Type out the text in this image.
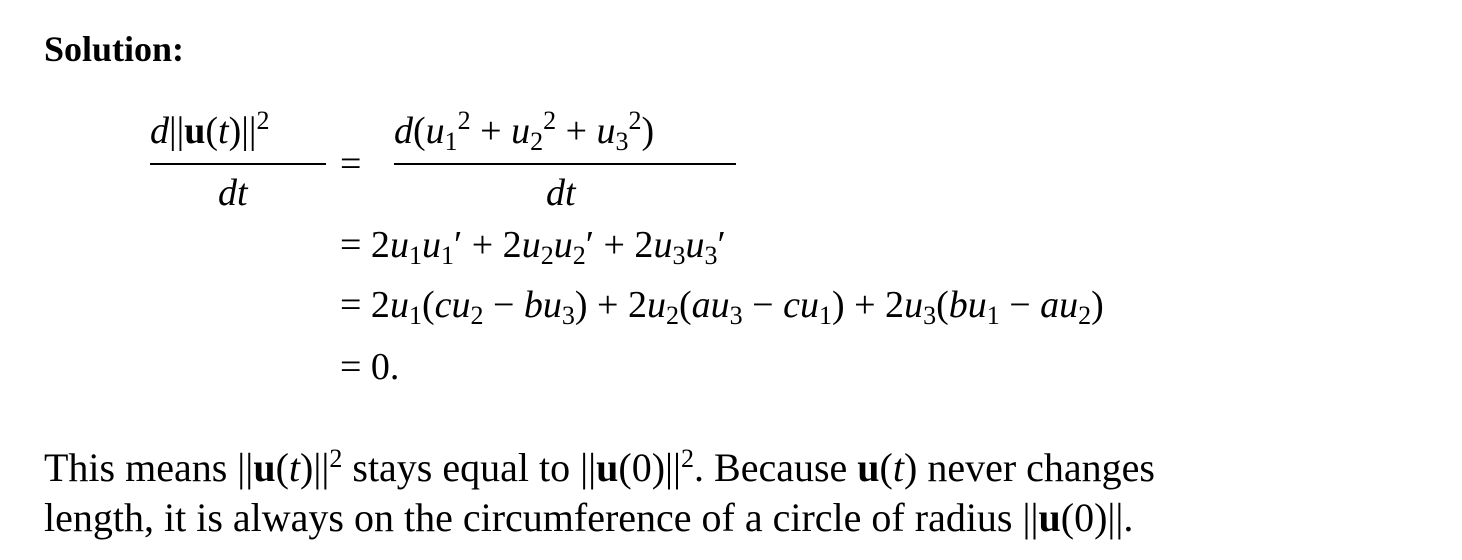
Solution:
$d||u(t)||^2$
dt
=
$d(u_1^2 + u_2^2 + u_3^2)$
dt
= $2u_1u_1' + 2u_2u_2' + 2u_3u_3'$
= $2u_1(cu_2 - bu_3) + 2u_2(au_3 - cu_1) + 2u_3(bu_1 - au_2)$
= 0.
This means $||u(t)||^2$ stays equal to $||u(0)||^2$. Because u(t) never changes
length, it is always on the circumference of a circle of radius ||u(0)||.
